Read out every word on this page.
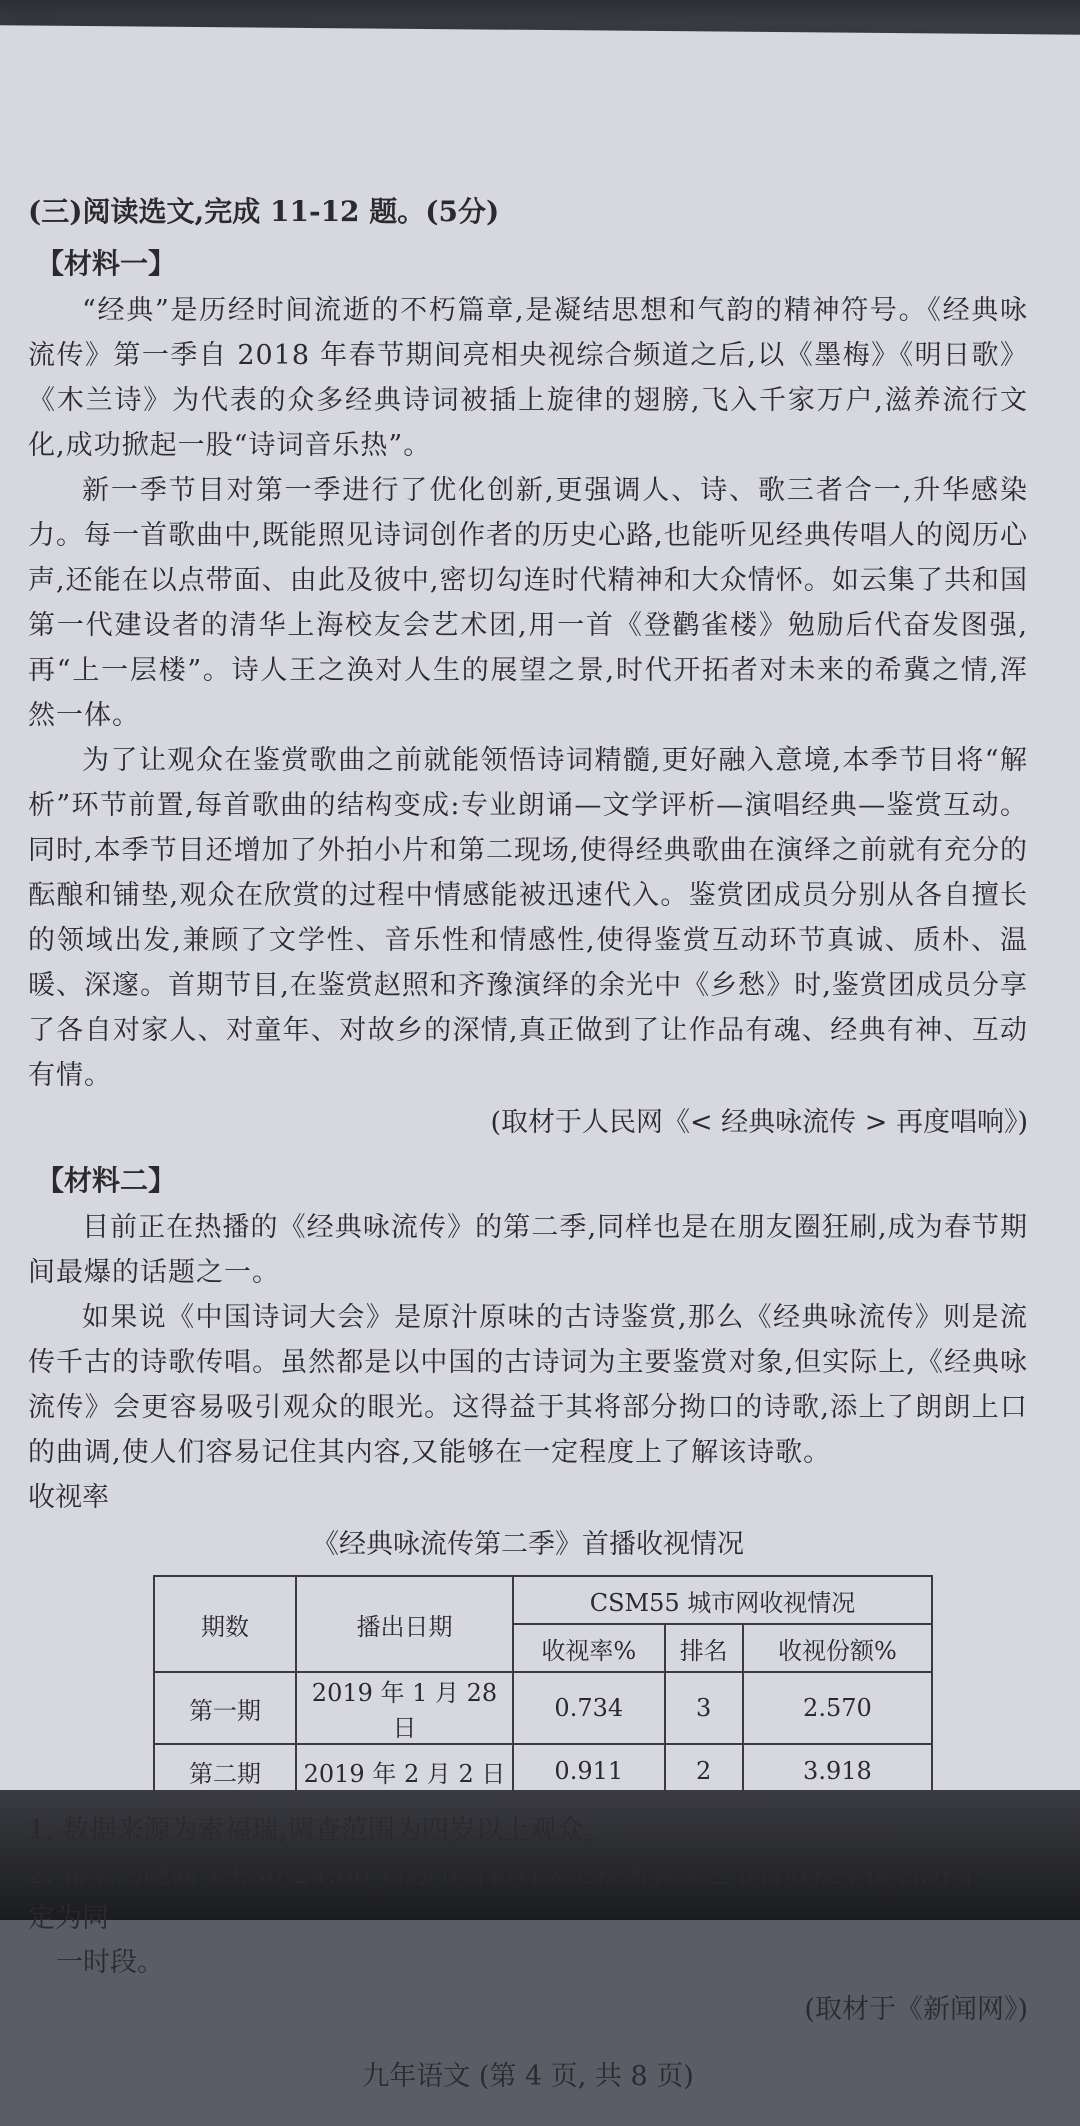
(三)阅读选文,完成 11-12 题。(5分)

【材料一】

“经典”是历经时间流逝的不朽篇章,是凝结思想和气韵的精神符号。《经典咏流传》第一季自 2018 年春节期间亮相央视综合频道之后,以《墨梅》《明日歌》《木兰诗》为代表的众多经典诗词被插上旋律的翅膀,飞入千家万户,滋养流行文化,成功掀起一股“诗词音乐热”。

新一季节目对第一季进行了优化创新,更强调人、诗、歌三者合一,升华感染力。每一首歌曲中,既能照见诗词创作者的历史心路,也能听见经典传唱人的阅历心声,还能在以点带面、由此及彼中,密切勾连时代精神和大众情怀。如云集了共和国第一代建设者的清华上海校友会艺术团,用一首《登鹳雀楼》勉励后代奋发图强,再“上一层楼”。诗人王之涣对人生的展望之景,时代开拓者对未来的希冀之情,浑然一体。

为了让观众在鉴赏歌曲之前就能领悟诗词精髓,更好融入意境,本季节目将“解析”环节前置,每首歌曲的结构变成:专业朗诵—文学评析—演唱经典—鉴赏互动。同时,本季节目还增加了外拍小片和第二现场,使得经典歌曲在演绎之前就有充分的酝酿和铺垫,观众在欣赏的过程中情感能被迅速代入。鉴赏团成员分别从各自擅长的领域出发,兼顾了文学性、音乐性和情感性,使得鉴赏互动环节真诚、质朴、温暖、深邃。首期节目,在鉴赏赵照和齐豫演绎的余光中《乡愁》时,鉴赏团成员分享了各自对家人、对童年、对故乡的深情,真正做到了让作品有魂、经典有神、互动有情。

(取材于人民网《< 经典咏流传 > 再度唱响》)

【材料二】

目前正在热播的《经典咏流传》的第二季,同样也是在朋友圈狂刷,成为春节期间最爆的话题之一。

如果说《中国诗词大会》是原汁原味的古诗鉴赏,那么《经典咏流传》则是流传千古的诗歌传唱。虽然都是以中国的古诗词为主要鉴赏对象,但实际上,《经典咏流传》会更容易吸引观众的眼光。这得益于其将部分拗口的诗歌,添上了朗朗上口的曲调,使人们容易记住其内容,又能够在一定程度上了解该诗歌。

收视率

《经典咏流传第二季》首播收视情况

期数	播出日期	CSM55 城市网收视情况		
		收视率%	排名	收视份额%
第一期	2019 年 1 月 28 日	0.734	3	2.570
第二期	2019 年 2 月 2 日	0.911	2	3.918

1. 数据来源为索福瑞,调查范围为四岁以上观众。

2. 排名为晚间 19:30-24:00 自办节目和省级卫视所有综艺节目收视率排名,并不一定为同

一时段。

(取材于《新闻网》)

九年语文 (第 4 页, 共 8 页)
